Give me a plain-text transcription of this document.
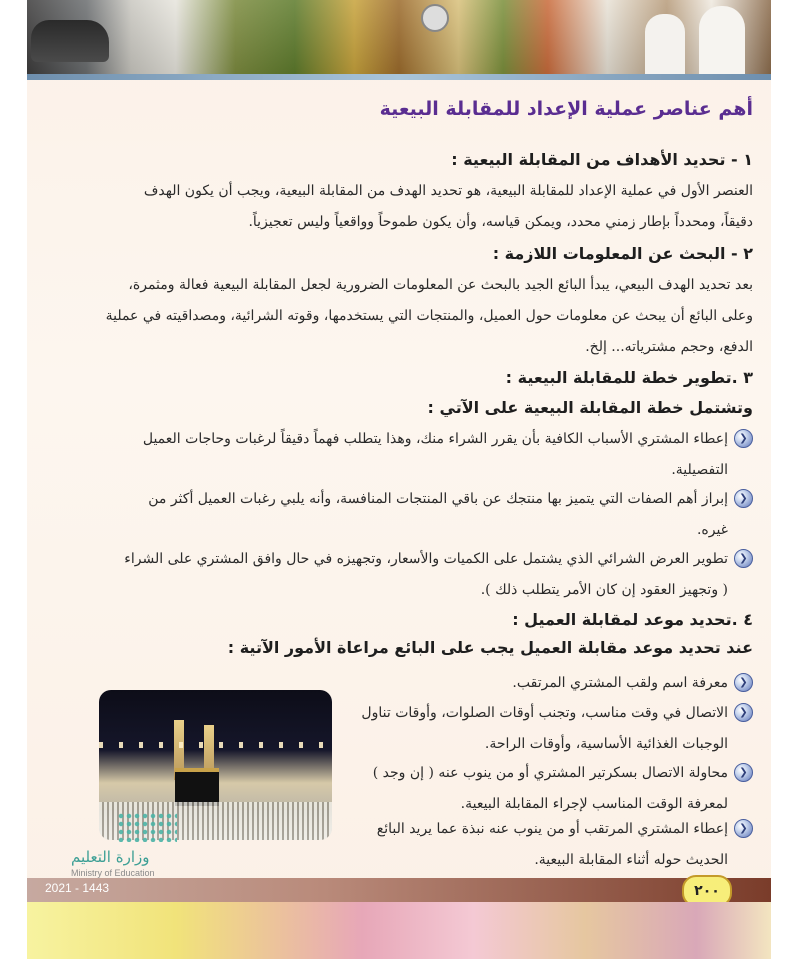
أهم عناصر عملية الإعداد للمقابلة البيعية
١ - تحديد الأهداف من المقابلة البيعية :

العنصر الأول في عملية الإعداد للمقابلة البيعية، هو تحديد الهدف من المقابلة البيعية، ويجب أن يكون الهدف
دقيقاً، ومحدداً بإطار زمني محدد، ويمكن قياسه، وأن يكون طموحاً وواقعياً وليس تعجيزياً.

٢ - البحث عن المعلومات اللازمة :

بعد تحديد الهدف البيعي، يبدأ البائع الجيد بالبحث عن المعلومات الضرورية لجعل المقابلة البيعية فعالة ومثمرة،
وعلى البائع أن يبحث عن معلومات حول العميل، والمنتجات التي يستخدمها، وقوته الشرائية، ومصداقيته في عملية
الدفع، وحجم مشترياته... إلخ.

٣ .تطوير خطة للمقابلة البيعية :
وتشتمل خطة المقابلة البيعية على الآتي :
❮
إعطاء المشتري الأسباب الكافية بأن يقرر الشراء منك، وهذا يتطلب فهماً دقيقاً لرغبات وحاجات العميل
التفصيلية.
❮
إبراز أهم الصفات التي يتميز بها منتجك عن باقي المنتجات المنافسة، وأنه يلبي رغبات العميل أكثر من
غيره.
❮
تطوير العرض الشرائي الذي يشتمل على الكميات والأسعار، وتجهيزه في حال وافق المشتري على الشراء
( وتجهيز العقود إن كان الأمر يتطلب ذلك ).
٤ .تحديد موعد لمقابلة العميل :
عند تحديد موعد مقابلة العميل يجب على البائع مراعاة الأمور الآتية :
❮
معرفة اسم ولقب المشتري المرتقب.
❮
الاتصال في وقت مناسب، وتجنب أوقات الصلوات، وأوقات تناول
الوجبات الغذائية الأساسية، وأوقات الراحة.
❮
محاولة الاتصال بسكرتير المشتري أو من ينوب عنه ( إن وجد )
لمعرفة الوقت المناسب لإجراء المقابلة البيعية.
❮
إعطاء المشتري المرتقب أو من ينوب عنه نبذة عما يريد البائع
الحديث حوله أثناء المقابلة البيعية.
وزارة التعليم
Ministry of Education
2021 - 1443	٢٠٠
